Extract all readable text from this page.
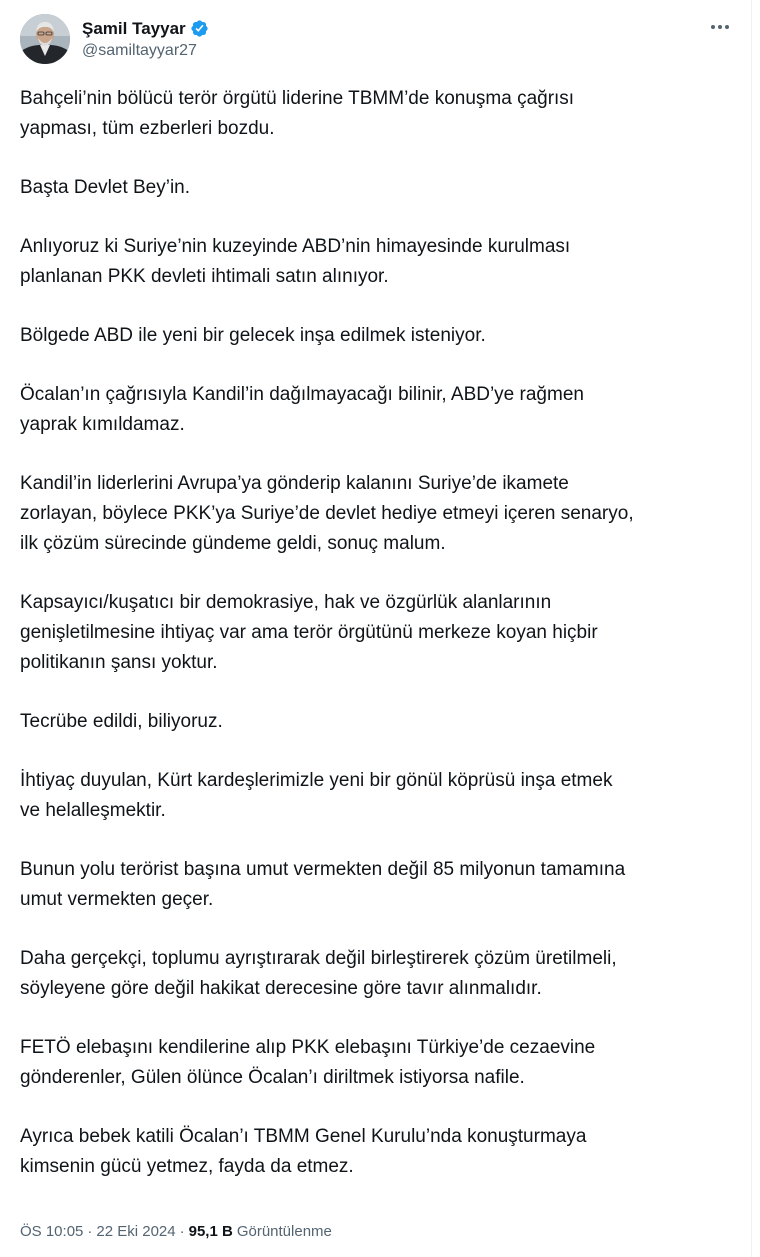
Şamil Tayyar
@samiltayyar27

Bahçeli’nin bölücü terör örgütü liderine TBMM’de konuşma çağrısı
yapması, tüm ezberleri bozdu.

Başta Devlet Bey’in.

Anlıyoruz ki Suriye’nin kuzeyinde ABD’nin himayesinde kurulması
planlanan PKK devleti ihtimali satın alınıyor.

Bölgede ABD ile yeni bir gelecek inşa edilmek isteniyor.

Öcalan’ın çağrısıyla Kandil’in dağılmayacağı bilinir, ABD’ye rağmen
yaprak kımıldamaz.

Kandil’in liderlerini Avrupa’ya gönderip kalanını Suriye’de ikamete
zorlayan, böylece PKK’ya Suriye’de devlet hediye etmeyi içeren senaryo,
ilk çözüm sürecinde gündeme geldi, sonuç malum.

Kapsayıcı/kuşatıcı bir demokrasiye, hak ve özgürlük alanlarının
genişletilmesine ihtiyaç var ama terör örgütünü merkeze koyan hiçbir
politikanın şansı yoktur.

Tecrübe edildi, biliyoruz.

İhtiyaç duyulan, Kürt kardeşlerimizle yeni bir gönül köprüsü inşa etmek
ve helalleşmektir.

Bunun yolu terörist başına umut vermekten değil 85 milyonun tamamına
umut vermekten geçer.

Daha gerçekçi, toplumu ayrıştırarak değil birleştirerek çözüm üretilmeli,
söyleyene göre değil hakikat derecesine göre tavır alınmalıdır.

FETÖ elebaşını kendilerine alıp PKK elebaşını Türkiye’de cezaevine
gönderenler, Gülen ölünce Öcalan’ı diriltmek istiyorsa nafile.

Ayrıca bebek katili Öcalan’ı TBMM Genel Kurulu’nda konuşturmaya
kimsenin gücü yetmez, fayda da etmez.

ÖS 10:05 · 22 Eki 2024 · 95,1 B Görüntülenme
